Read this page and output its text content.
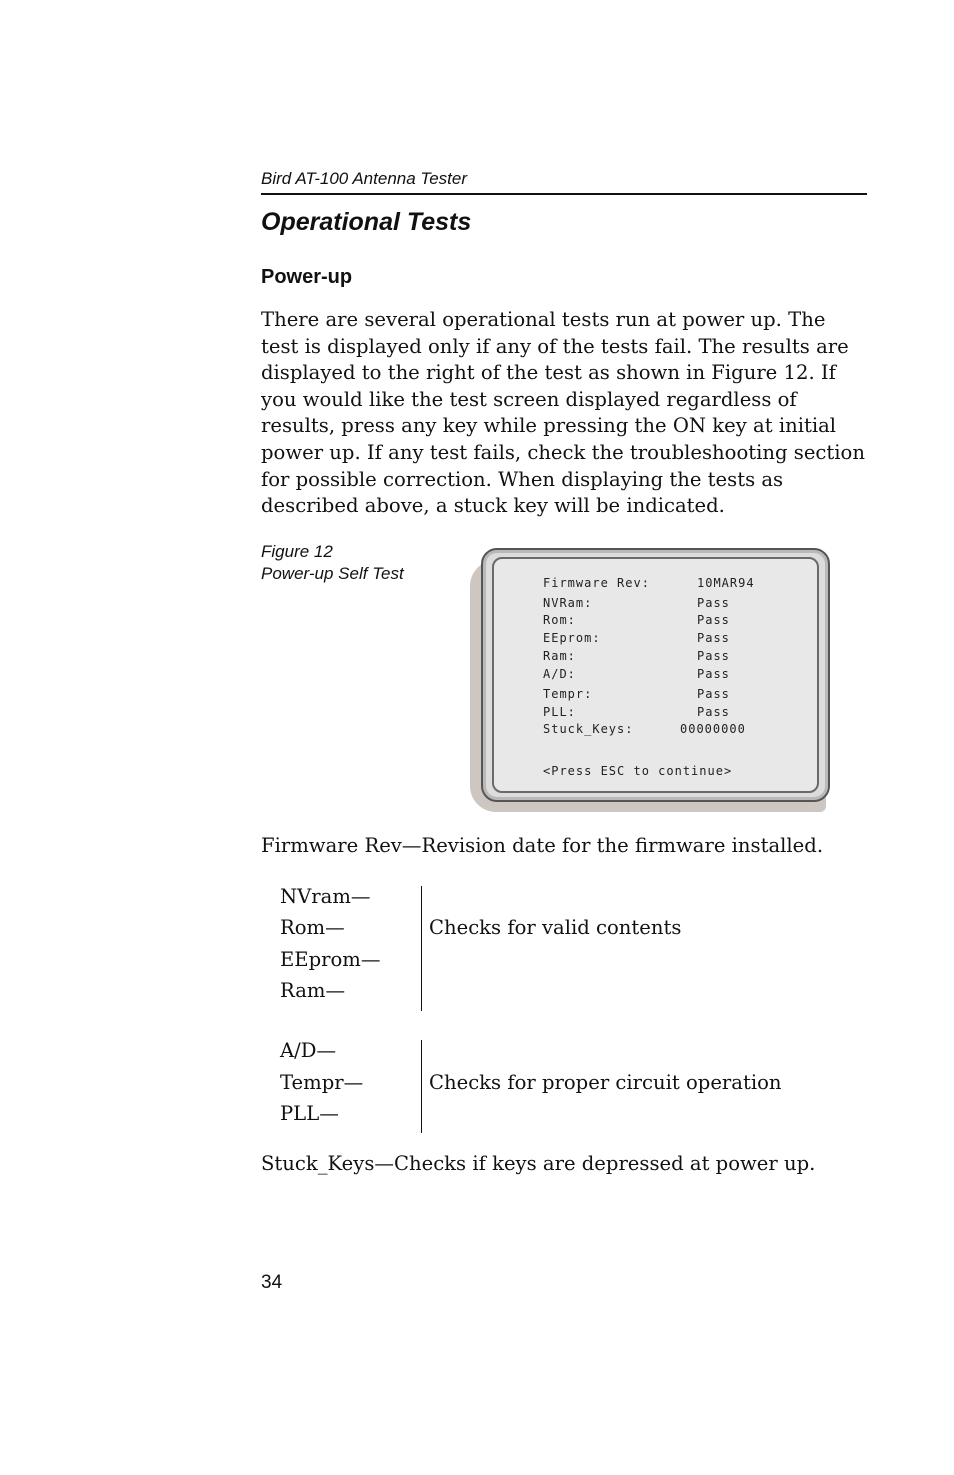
Bird AT-100 Antenna Tester
Operational Tests
Power-up
There are several operational tests run at power up. The test is displayed only if any of the tests fail. The results are displayed to the right of the test as shown in Figure 12. If you would like the test screen displayed regardless of results, press any key while pressing the ON key at initial power up. If any test fails, check the troubleshooting section for possible correction. When displaying the tests as described above, a stuck key will be indicated.
Figure 12
Power-up Self Test
Firmware Rev:	10MAR94
NVRam:	Pass
Rom:	Pass
EEprom:	Pass
Ram:	Pass
A/D:	Pass
Tempr:	Pass
PLL:	Pass
Stuck_Keys:	00000000
<Press ESC to continue>
Firmware Rev—Revision date for the firmware installed.
NVram—
Rom—
EEprom—
Ram—
Checks for valid contents
A/D—
Tempr—
PLL—
Checks for proper circuit operation
Stuck_Keys—Checks if keys are depressed at power up.
34
